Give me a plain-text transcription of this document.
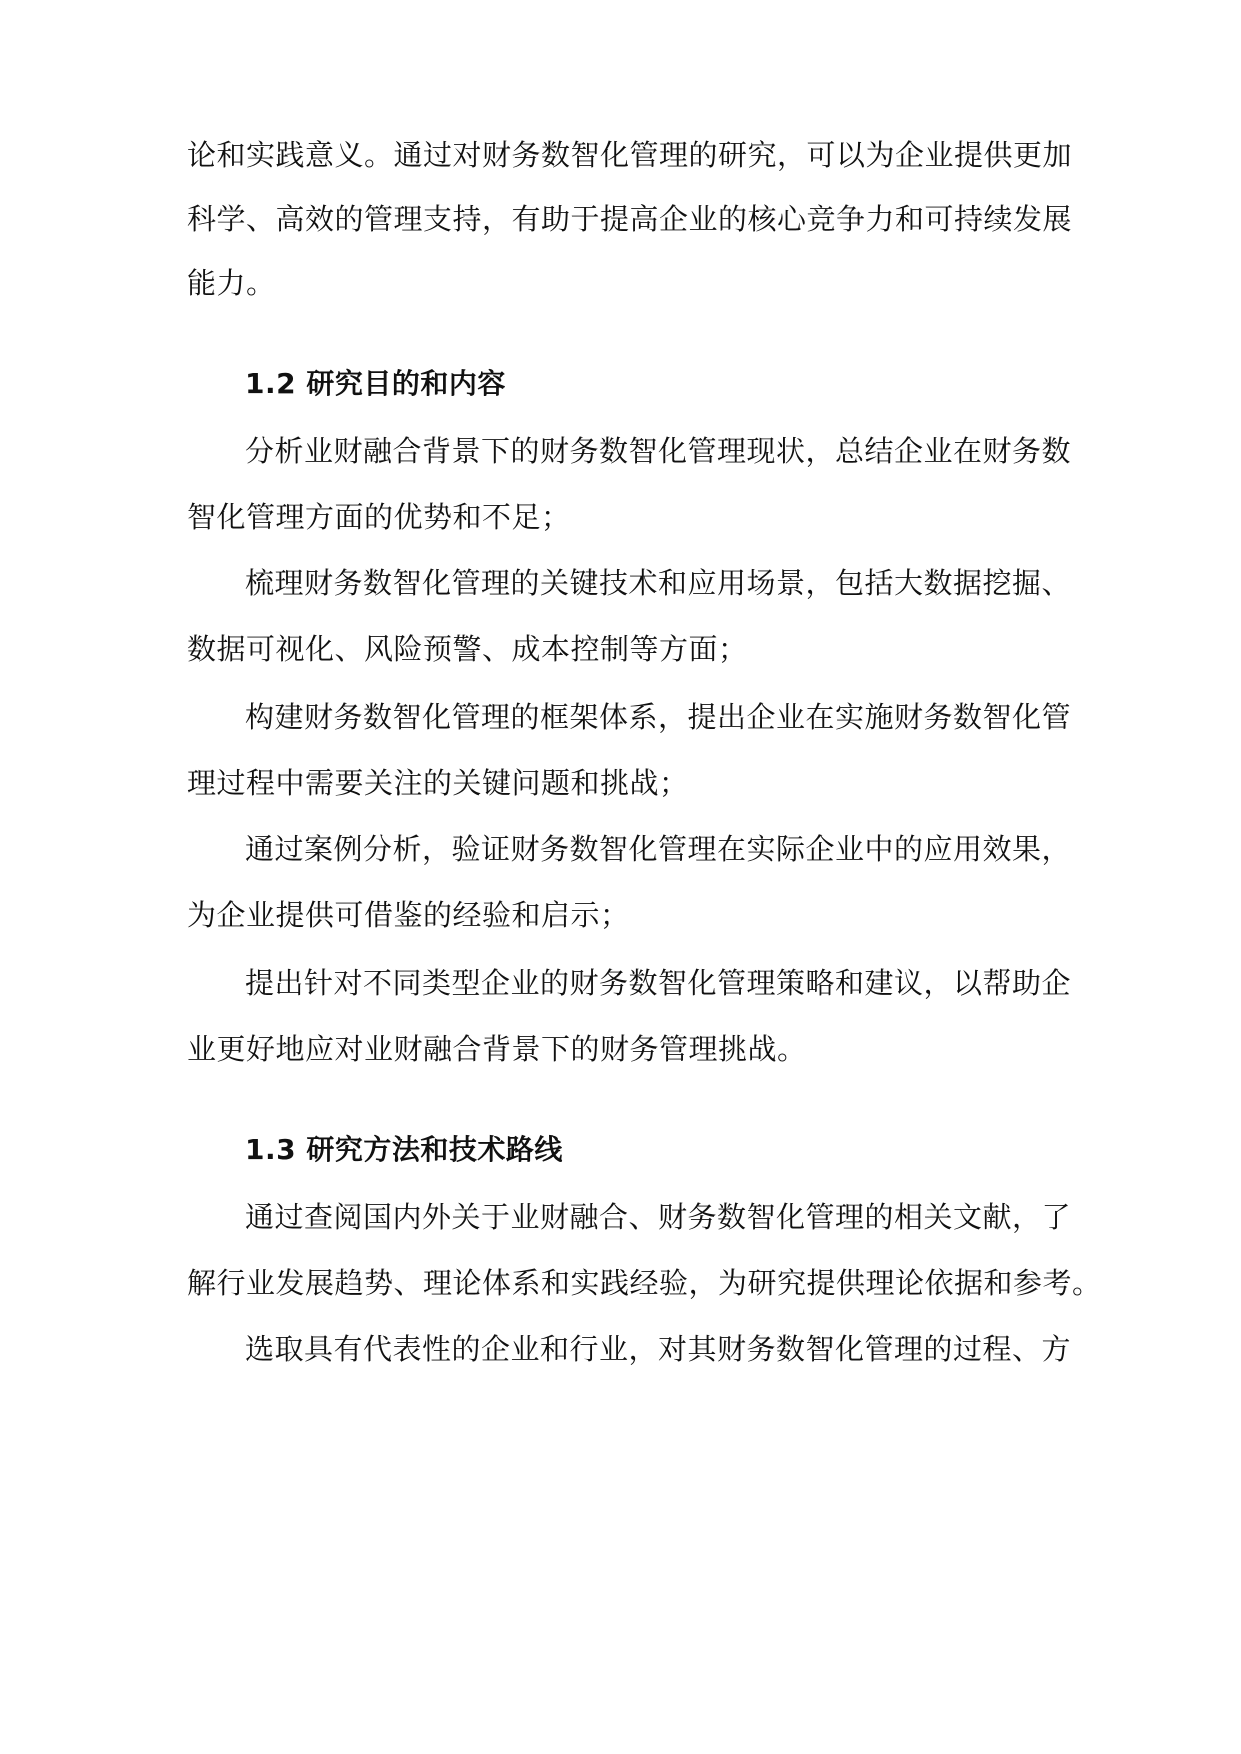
论和实践意义。通过对财务数智化管理的研究，可以为企业提供更加
科学、高效的管理支持，有助于提高企业的核心竞争力和可持续发展
能力。
1.2 研究目的和内容
分析业财融合背景下的财务数智化管理现状，总结企业在财务数
智化管理方面的优势和不足；
梳理财务数智化管理的关键技术和应用场景，包括大数据挖掘、
数据可视化、风险预警、成本控制等方面；
构建财务数智化管理的框架体系，提出企业在实施财务数智化管
理过程中需要关注的关键问题和挑战；
通过案例分析，验证财务数智化管理在实际企业中的应用效果，
为企业提供可借鉴的经验和启示；
提出针对不同类型企业的财务数智化管理策略和建议，以帮助企
业更好地应对业财融合背景下的财务管理挑战。
1.3 研究方法和技术路线
通过查阅国内外关于业财融合、财务数智化管理的相关文献，了
解行业发展趋势、理论体系和实践经验，为研究提供理论依据和参考。
选取具有代表性的企业和行业，对其财务数智化管理的过程、方
